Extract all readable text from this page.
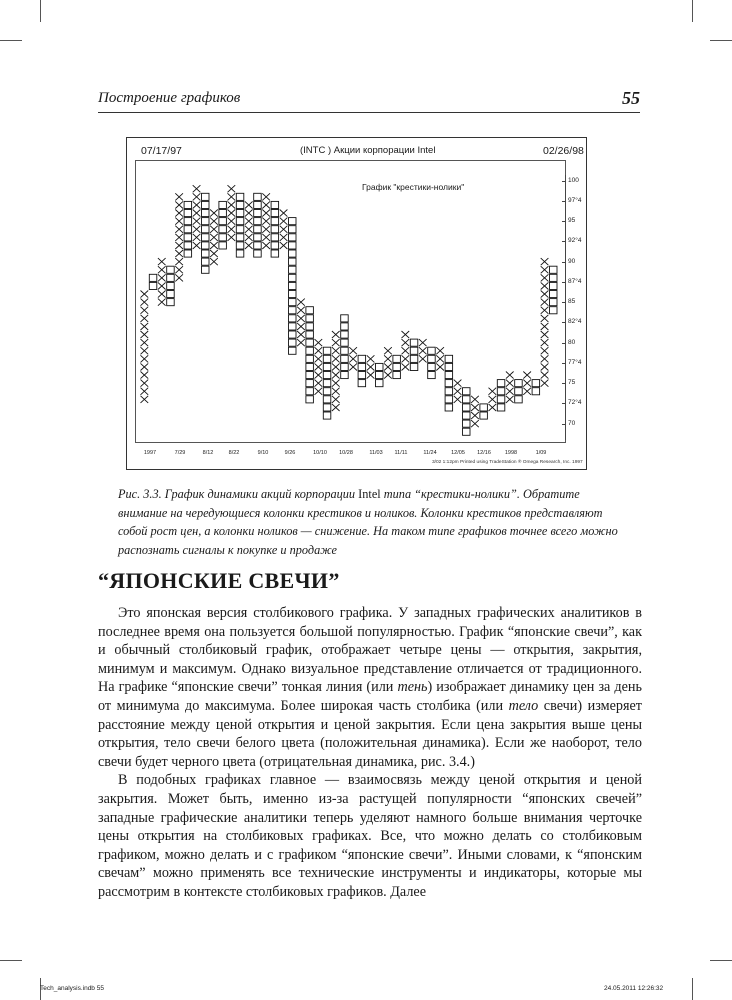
Построение графиков	55
07/17/97	(INTC ) Акции корпорации Intel	02/26/98
График "крестики-нолики"
100
97°4
95
92°4
90
87°4
85
82°4
80
77°4
75
72°4
70
1997	7/29	8/12	8/22	9/10	9/26	10/10 10/28	11/03 11/11	11/24	12/05 12/16	1998	1/09
3/02 1:12pm Printed using TradeStation ® Omega Research, Inc. 1997
Рис. 3.3. График динамики акций корпорации Intel типа “крестики-нолики”. Обратите внимание на чередующиеся колонки крестиков и ноликов. Колонки крестиков представляют собой рост цен, а колонки ноликов — снижение. На таком типе графиков точнее всего можно распознать сигналы к покупке и продаже
“ЯПОНСКИЕ СВЕЧИ”

Это японская версия столбикового графика. У западных графических аналитиков в последнее время она пользуется большой популярностью. График “японские свечи”, как и обычный столбиковый график, отображает четыре цены — открытия, закрытия, минимум и максимум. Однако визуальное представление отличается от традиционного. На графике “японские свечи” тонкая линия (или тень) изображает динамику цен за день от минимума до максимума. Более широкая часть столбика (или тело свечи) измеряет расстояние между ценой открытия и ценой закрытия. Если цена закрытия выше цены открытия, тело свечи белого цвета (положительная динамика). Если же наоборот, тело свечи будет черного цвета (отрицательная динамика, рис. 3.4.)

В подобных графиках главное — взаимосвязь между ценой открытия и ценой закрытия. Может быть, именно из-за растущей популярности “японских свечей” западные графические аналитики теперь уделяют намного больше внимания черточке цены открытия на столбиковых графиках. Все, что можно делать со столбиковым графиком, можно делать и с графиком “японские свечи”. Иными словами, к “японским свечам” можно применять все технические инструменты и индикаторы, которые мы рассмотрим в контексте столбиковых графиков. Далее

Tech_analysis.indb 55	24.05.2011 12:26:32
